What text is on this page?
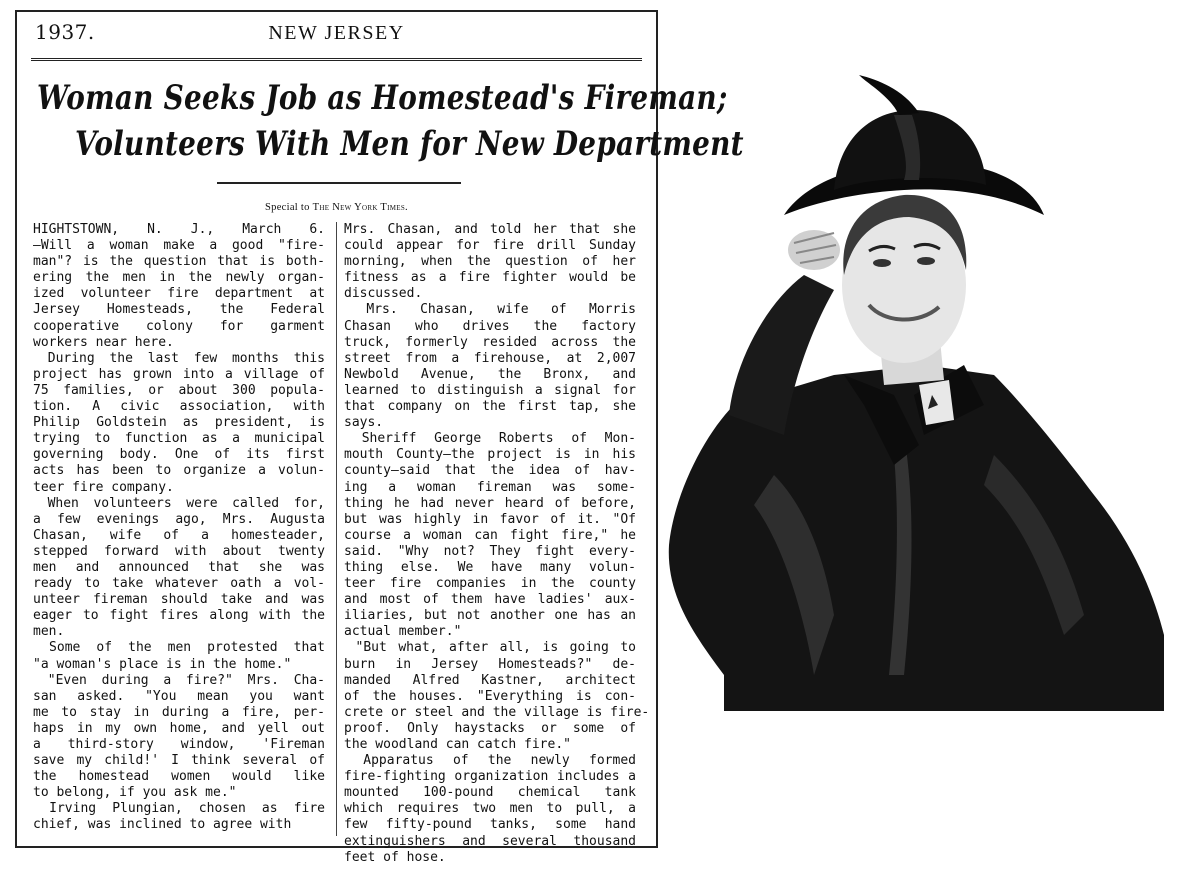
1937.	NEW JERSEY
Woman Seeks Job as Homestead's Fireman;
Volunteers With Men for New Department
Special to The New York Times.

HIGHTSTOWN, N. J., March 6.
—Will a woman make a good "fire-
man"? is the question that is both-
ering the men in the newly organ-
ized volunteer fire department at
Jersey Homesteads, the Federal
cooperative colony for garment
workers near here.

During the last few months this
project has grown into a village of
75 families, or about 300 popula-
tion. A civic association, with
Philip Goldstein as president, is
trying to function as a municipal
governing body. One of its first
acts has been to organize a volun-
teer fire company.

When volunteers were called for,
a few evenings ago, Mrs. Augusta
Chasan, wife of a homesteader,
stepped forward with about twenty
men and announced that she was
ready to take whatever oath a vol-
unteer fireman should take and was
eager to fight fires along with the
men.

Some of the men protested that
"a woman's place is in the home."

"Even during a fire?" Mrs. Cha-
san asked. "You mean you want
me to stay in during a fire, per-
haps in my own home, and yell out
a third-story window, 'Fireman
save my child!' I think several of
the homestead women would like
to belong, if you ask me."

Irving Plungian, chosen as fire
chief, was inclined to agree with

Mrs. Chasan, and told her that she
could appear for fire drill Sunday
morning, when the question of her
fitness as a fire fighter would be
discussed.

Mrs. Chasan, wife of Morris
Chasan who drives the factory
truck, formerly resided across the
street from a firehouse, at 2,007
Newbold Avenue, the Bronx, and
learned to distinguish a signal for
that company on the first tap, she
says.

Sheriff George Roberts of Mon-
mouth County—the project is in his
county—said that the idea of hav-
ing a woman fireman was some-
thing he had never heard of before,
but was highly in favor of it. "Of
course a woman can fight fire," he
said. "Why not? They fight every-
thing else. We have many volun-
teer fire companies in the county
and most of them have ladies' aux-
iliaries, but not another one has an
actual member."

"But what, after all, is going to
burn in Jersey Homesteads?" de-
manded Alfred Kastner, architect
of the houses. "Everything is con-
crete or steel and the village is fire-
proof. Only haystacks or some of
the woodland can catch fire."

Apparatus of the newly formed
fire-fighting organization includes a
mounted 100-pound chemical tank
which requires two men to pull, a
few fifty-pound tanks, some hand
extinguishers and several thousand
feet of hose.
